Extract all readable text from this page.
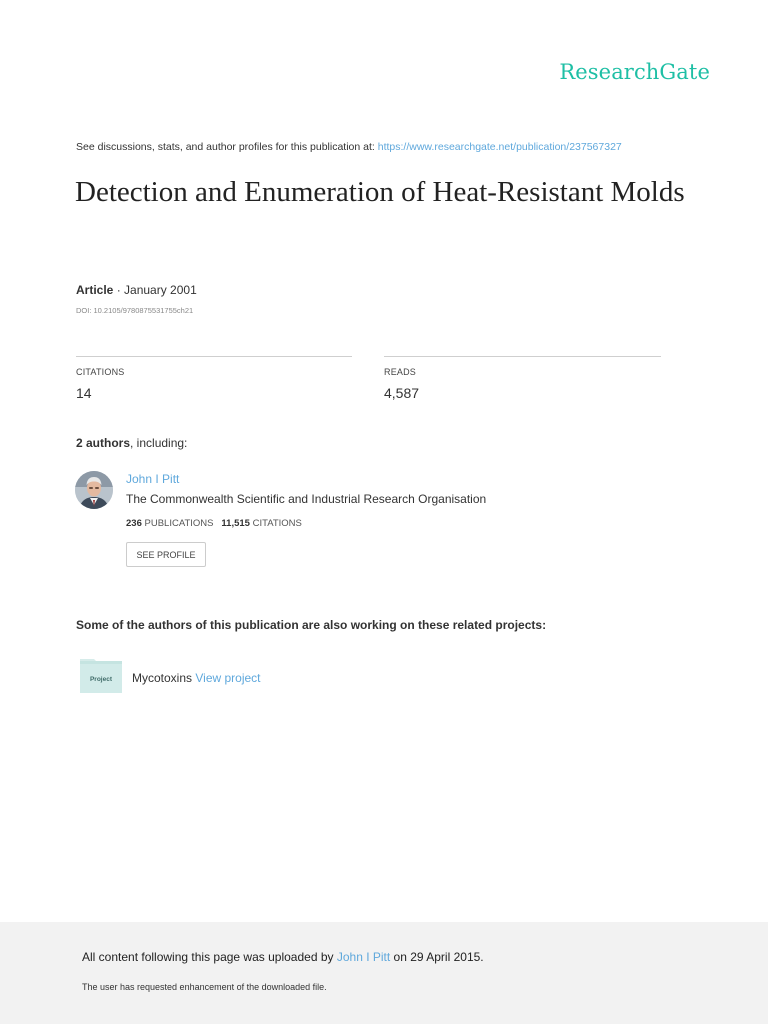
ResearchGate
See discussions, stats, and author profiles for this publication at: https://www.researchgate.net/publication/237567327
Detection and Enumeration of Heat-Resistant Molds
Article · January 2001
DOI: 10.2105/9780875531755ch21
CITATIONS
14
READS
4,587
2 authors, including:
John I Pitt
The Commonwealth Scientific and Industrial Research Organisation
236 PUBLICATIONS 11,515 CITATIONS
SEE PROFILE
Some of the authors of this publication are also working on these related projects:
Project Mycotoxins View project
All content following this page was uploaded by John I Pitt on 29 April 2015.
The user has requested enhancement of the downloaded file.
